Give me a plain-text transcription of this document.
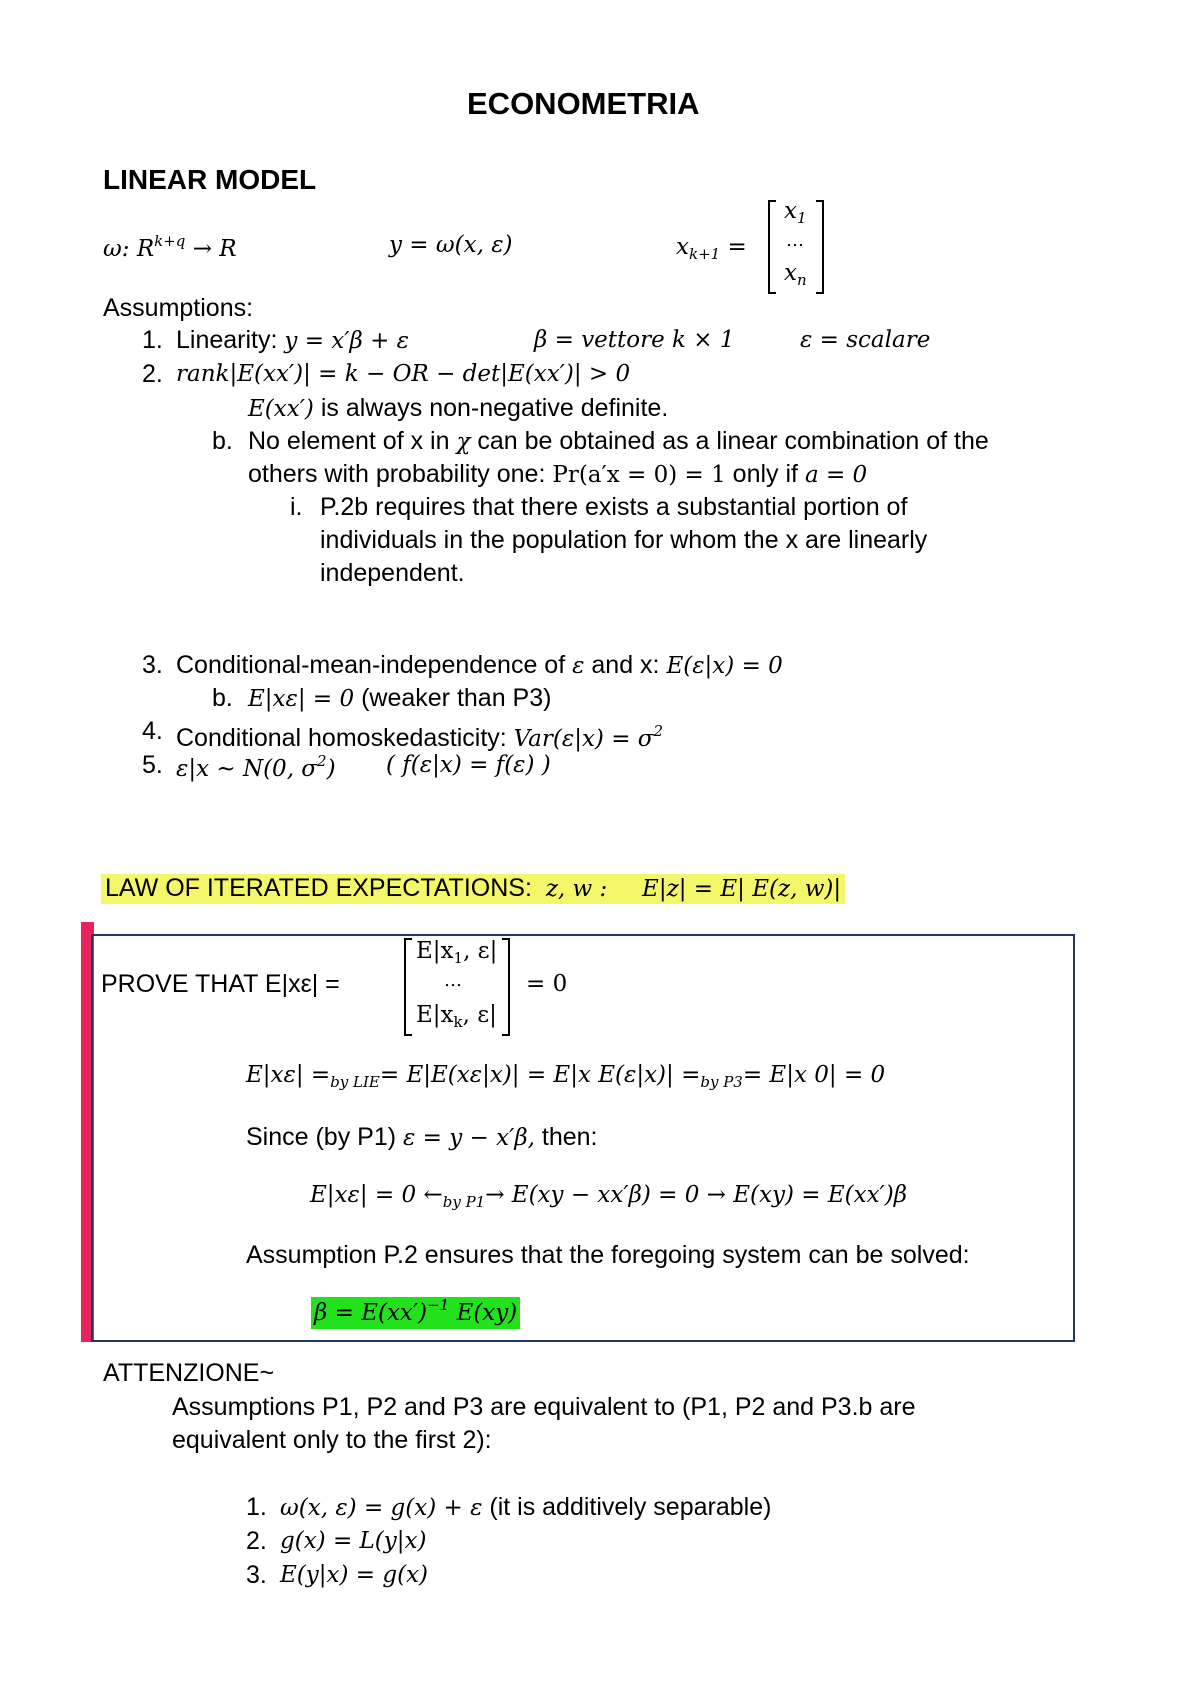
ECONOMETRIA
LINEAR MODEL
ω: $R^{k+q} \to R$	y = ω(x, ε)	$x_{k+1}$ =
$x_1$
…
$x_n$
Assumptions:
1. Linearity: y = x′β + ε	β = vettore k × 1	ε = scalare
2. rank|E(xx′)| = k − OR − det|E(xx′)| > 0
E(xx′) is always non-negative definite.
b. No element of x in χ can be obtained as a linear combination of the
others with probability one: Pr(a′x = 0) = 1 only if a = 0
i. P.2b requires that there exists a substantial portion of
individuals in the population for whom the x are linearly
independent.
3. Conditional-mean-independence of ε and x: E(ε|x) = 0
b. E|xε| = 0 (weaker than P3)
4. Conditional homoskedasticity: $Var(\varepsilon|x) = \sigma^2$
5. ε|x ~ N(0, $\sigma^2$) ( f(ε|x) = f(ε) )
LAW OF ITERATED EXPECTATIONS: z, w : E|z| = E| E(z, w)|
PROVE THAT E|xε| =
$E|x_1$, ε|
…
$E|x_k$, ε|
= 0
$E|x\varepsilon| =_{by LIE}= E|E(x\varepsilon|x)| = E|x$ $E(\varepsilon|x)| =_{by P3}= E|x$ 0| = 0
Since (by P1) ε = y − x′β, then:
E|xε| = 0 $\leftarrow_{by P1}\to E(xy - xx'\beta) = 0 \to E(xy) = E(xx')\beta$
Assumption P.2 ensures that the foregoing system can be solved:
$\beta = E(xx')^{-1}$ E(xy)
ATTENZIONE~
Assumptions P1, P2 and P3 are equivalent to (P1, P2 and P3.b are
equivalent only to the first 2):
1. ω(x, ε) = g(x) + ε (it is additively separable)
2. g(x) = L(y|x)
3. E(y|x) = g(x)
